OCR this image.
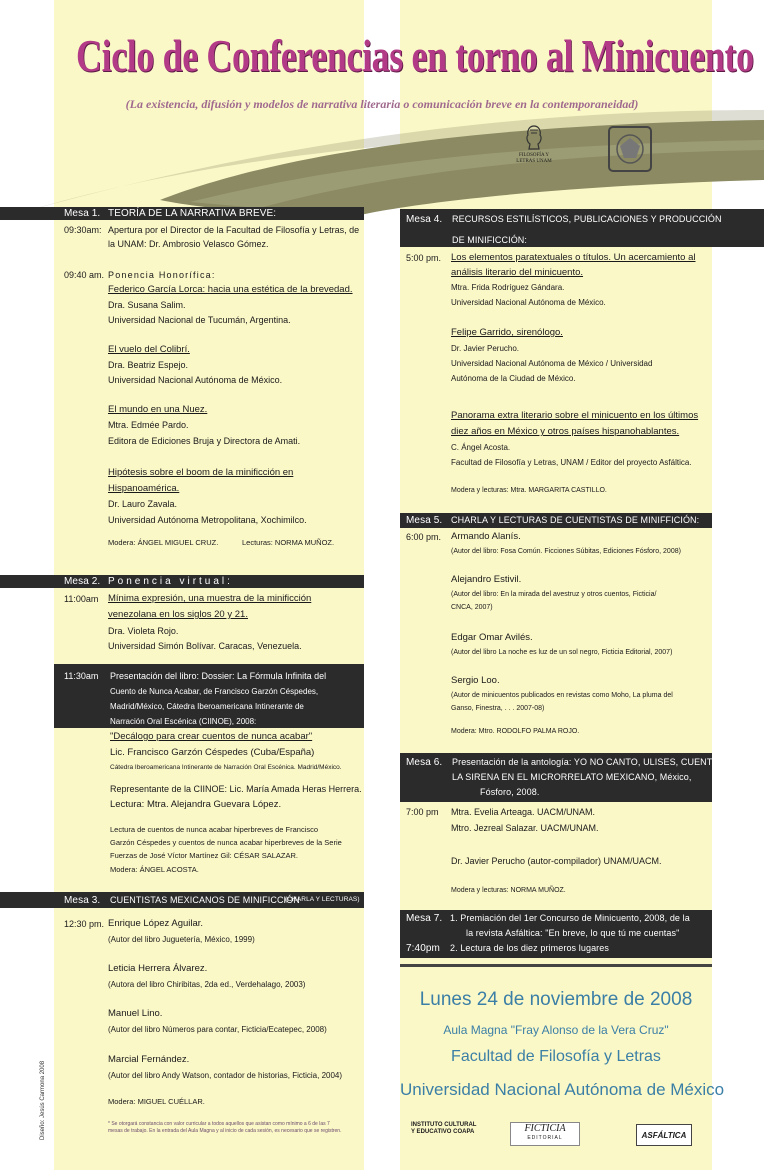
Ciclo de Conferencias en torno al Minicuento
(La existencia, difusión y modelos de narrativa literaria o comunicación breve en la contemporaneidad)
FILOSOFÍA Y LETRAS UNAM
Mesa 1. TEORÍA DE LA NARRATIVA BREVE:
09:30am: Apertura por el Director de la Facultad de Filosofía y Letras, de
la UNAM: Dr. Ambrosio Velasco Gómez.
09:40 am. Ponencia Honorífica:
Federico García Lorca: hacia una estética de la brevedad.
Dra. Susana Salim.
Universidad Nacional de Tucumán, Argentina.
El vuelo del Colibrí.
Dra. Beatriz Espejo.
Universidad Nacional Autónoma de México.
El mundo en una Nuez.
Mtra. Edmée Pardo.
Editora de Ediciones Bruja y Directora de Amati.
Hipótesis sobre el boom de la minificción en
Hispanoamérica.
Dr. Lauro Zavala.
Universidad Autónoma Metropolitana, Xochimilco.
Modera: ÁNGEL MIGUEL CRUZ.	Lecturas: NORMA MUÑOZ.
Mesa 2. Ponencia virtual:
11:00am Mínima expresión, una muestra de la minificción
venezolana en los siglos 20 y 21.
Dra. Violeta Rojo.
Universidad Simón Bolívar. Caracas, Venezuela.
11:30am Presentación del libro: Dossier: La Fórmula Infinita del
Cuento de Nunca Acabar, de Francisco Garzón Céspedes,
Madrid/México, Cátedra Iberoamericana Intinerante de
Narración Oral Escénica (CIINOE), 2008:
"Decálogo para crear cuentos de nunca acabar"
Lic. Francisco Garzón Céspedes (Cuba/España)
Cátedra Iberoamericana Intinerante de Narración Oral Escénica. Madrid/México.
Representante de la CIINOE: Lic. María Amada Heras Herrera.
Lectura: Mtra. Alejandra Guevara López.
Lectura de cuentos de nunca acabar hiperbreves de Francisco
Garzón Céspedes y cuentos de nunca acabar hiperbreves de la Serie
Fuerzas de José Víctor Martínez Gil: CÉSAR SALAZAR.
Modera: ÁNGEL ACOSTA.
Mesa 3. CUENTISTAS MEXICANOS DE MINIFICCIÓN
(CHARLA Y LECTURAS)
12:30 pm. Enrique López Aguilar.
(Autor del libro Juguetería, México, 1999)
Leticia Herrera Álvarez.
(Autora del libro Chiribitas, 2da ed., Verdehalago, 2003)
Manuel Lino.
(Autor del libro Números para contar, Ficticia/Ecatepec, 2008)
Marcial Fernández.
(Autor del libro Andy Watson, contador de historias, Ficticia, 2004)
Modera: MIGUEL CUÉLLAR.
* Se otorgará constancia con valor curricular a todos aquellos que asistan como mínimo a 6 de las 7
mesas de trabajo. En la entrada del Aula Magna y al inicio de cada sesión, es necesario que se registren.
Mesa 4. RECURSOS ESTILÍSTICOS, PUBLICACIONES Y PRODUCCIÓN
DE MINIFICCIÓN:
5:00 pm. Los elementos paratextuales o títulos. Un acercamiento al
análisis literario del minicuento.
Mtra. Frida Rodríguez Gándara.
Universidad Nacional Autónoma de México.
Felipe Garrido, sirenólogo.
Dr. Javier Perucho.
Universidad Nacional Autónoma de México / Universidad
Autónoma de la Ciudad de México.
Panorama extra literario sobre el minicuento en los últimos
diez años en México y otros países hispanohablantes.
C. Ángel Acosta.
Facultad de Filosofía y Letras, UNAM / Editor del proyecto Asfáltica.
Modera y lecturas: Mtra. MARGARITA CASTILLO.
Mesa 5. CHARLA Y LECTURAS DE CUENTISTAS DE MINIFFICIÓN:
6:00 pm. Armando Alanís.
(Autor del libro: Fosa Común. Ficciones Súbitas, Ediciones Fósforo, 2008)
Alejandro Estivil.
(Autor del libro: En la mirada del avestruz y otros cuentos, Ficticia/
CNCA, 2007)
Edgar Omar Avilés.
(Autor del libro La noche es luz de un sol negro, Ficticia Editorial, 2007)
Sergio Loo.
(Autor de minicuentos publicados en revistas como Moho, La pluma del
Ganso, Finestra, . . . 2007-08)
Modera: Mtro. RODOLFO PALMA ROJO.
Mesa 6. Presentación de la antología: YO NO CANTO, ULISES, CUENTO.
LA SIRENA EN EL MICRORRELATO MEXICANO, México,
Fósforo, 2008.
7:00 pm Mtra. Evelia Arteaga. UACM/UNAM.
Mtro. Jezreal Salazar. UACM/UNAM.
Dr. Javier Perucho (autor-compilador) UNAM/UACM.
Modera y lecturas: NORMA MUÑOZ.
Mesa 7. 1. Premiación del 1er Concurso de Minicuento, 2008, de la
la revista Asfáltica: "En breve, lo que tú me cuentas"
7:40pm 2. Lectura de los diez primeros lugares
Lunes 24 de noviembre de 2008
Aula Magna "Fray Alonso de la Vera Cruz"
Facultad de Filosofía y Letras
Universidad Nacional Autónoma de México
INSTITUTO CULTURAL Y EDUCATIVO COAPA	FICTICIA
EDITORIAL	ASFÁLTICA
Diseño: Jesús Carmona 2008
